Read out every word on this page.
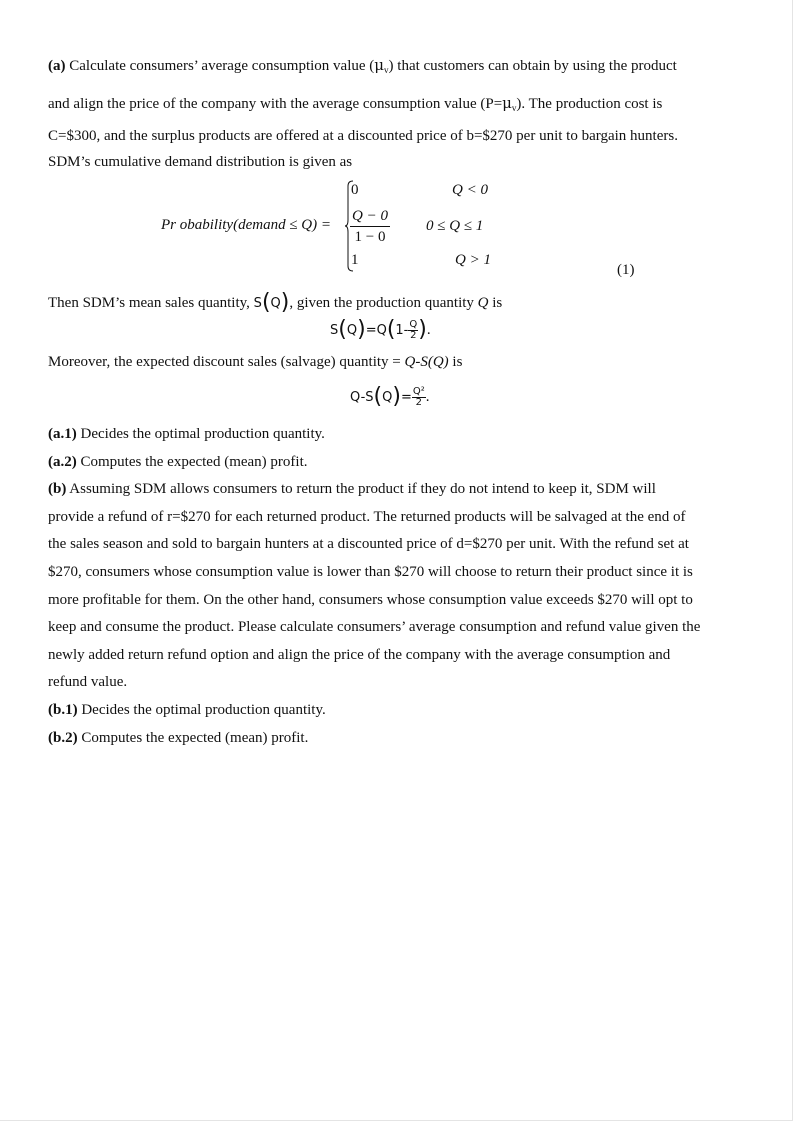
(a) Calculate consumers’ average consumption value $(\mu_v)$ that customers can obtain by using the product
and align the price of the company with the average consumption value $(P=\mu_v)$. The production cost is
C=$300, and the surplus products are offered at a discounted price of b=$270 per unit to bargain hunters.
SDM’s cumulative demand distribution is given as
Pr obability(demand ≤ Q) =
0	Q < 0
Q − 0
1 − 0
0 ≤ Q ≤ 1
1	Q > 1
(1)
Then SDM’s mean sales quantity, S(Q), given the production quantity Q is
$S(Q)=Q(1- \frac{Q}{2}$ ).
Moreover, the expected discount sales (salvage) quantity = Q-S(Q) is
$Q-S(Q)= \frac{\text{Q²}}{2}$ .
(a.1) Decides the optimal production quantity.
(a.2) Computes the expected (mean) profit.
(b) Assuming SDM allows consumers to return the product if they do not intend to keep it, SDM will
provide a refund of r=$270 for each returned product. The returned products will be salvaged at the end of
the sales season and sold to bargain hunters at a discounted price of d=$270 per unit. With the refund set at
$270, consumers whose consumption value is lower than $270 will choose to return their product since it is
more profitable for them. On the other hand, consumers whose consumption value exceeds $270 will opt to
keep and consume the product. Please calculate consumers’ average consumption and refund value given the
newly added return refund option and align the price of the company with the average consumption and
refund value.
(b.1) Decides the optimal production quantity.
(b.2) Computes the expected (mean) profit.
